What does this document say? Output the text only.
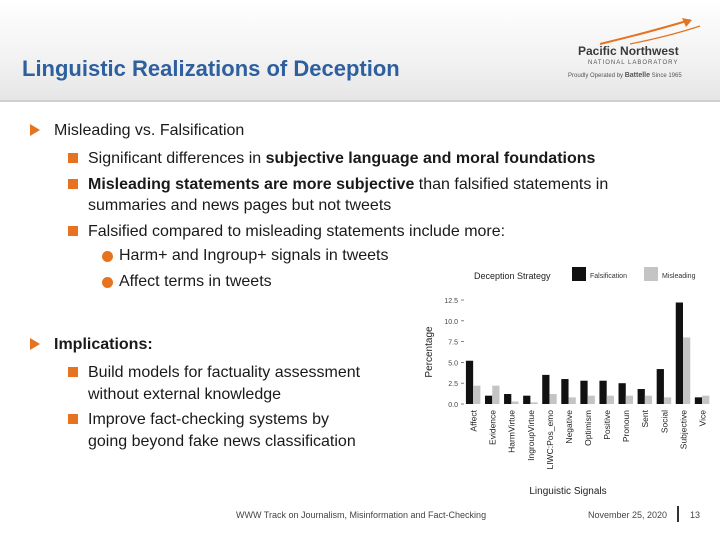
Linguistic Realizations of Deception
Pacific Northwest
NATIONAL LABORATORY
Proudly Operated by Battelle Since 1965
Misleading vs. Falsification
Significant differences in subjective language and moral foundations
Misleading statements are more subjective than falsified statements in
summaries and news pages but not tweets
Falsified compared to misleading statements include more:
Harm+ and Ingroup+ signals in tweets
Affect terms in tweets
Implications:
Build models for factuality assessment
without external knowledge
Improve fact-checking systems by
going beyond fake news classification
Deception Strategy	Falsification	Misleading
Percentage
0.0
2.5
5.0
7.5
10.0
12.5
Affect Evidence HarmVirtue IngroupVirtue LIWC:Pos_emo Negative Optimism Positive Pronoun Sent Social Subjective Vice
Linguistic Signals
WWW Track on Journalism, Misinformation and Fact-Checking	November 25, 2020	13
